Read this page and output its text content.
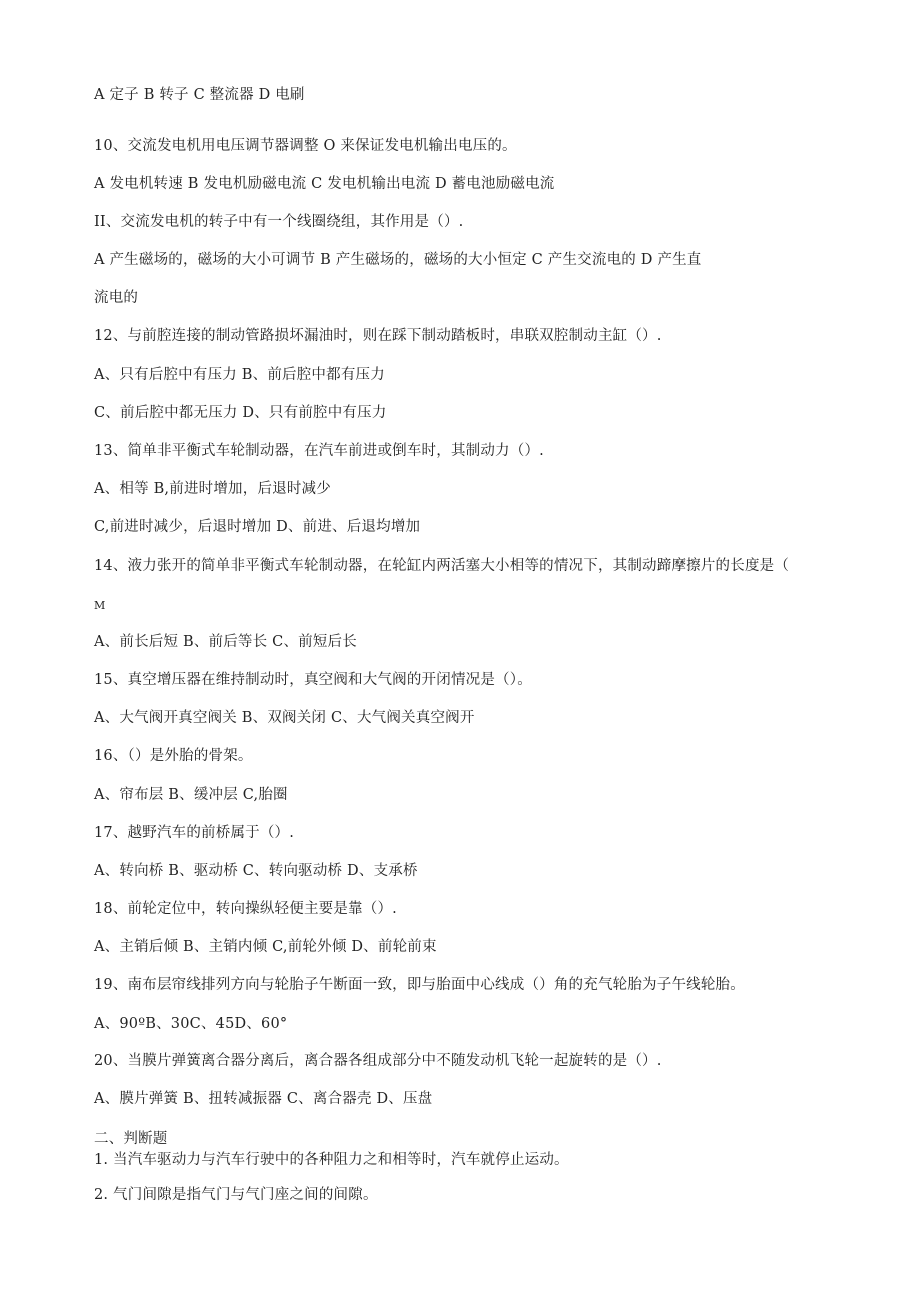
A 定子 B 转子 C 整流器 D 电刷
10、交流发电机用电压调节器调整 O 来保证发电机输出电压的。
A 发电机转速 B 发电机励磁电流 C 发电机输出电流 D 蓄电池励磁电流
II、交流发电机的转子中有一个线圈绕组，其作用是（）.
A 产生磁场的，磁场的大小可调节 B 产生磁场的，磁场的大小恒定 C 产生交流电的 D 产生直
流电的
12、与前腔连接的制动管路损坏漏油时，则在踩下制动踏板时，串联双腔制动主缸（）.
A、只有后腔中有压力 B、前后腔中都有压力
C、前后腔中都无压力 D、只有前腔中有压力
13、简单非平衡式车轮制动器，在汽车前进或倒车时，其制动力（）.
A、相等 B,前进时增加，后退时减少
C,前进时减少，后退时增加 D、前进、后退均增加
14、液力张开的简单非平衡式车轮制动器，在轮缸内两活塞大小相等的情况下，其制动蹄摩擦片的长度是（
M
A、前长后短 B、前后等长 C、前短后长
15、真空增压器在维持制动时，真空阀和大气阀的开闭情况是（）。
A、大气阀开真空阀关 B、双阀关闭 C、大气阀关真空阀开
16、（）是外胎的骨架。
A、帘布层 B、缓冲层 C,胎圈
17、越野汽车的前桥属于（）.
A、转向桥 B、驱动桥 C、转向驱动桥 D、支承桥
18、前轮定位中，转向操纵轻便主要是靠（）.
A、主销后倾 B、主销内倾 C,前轮外倾 D、前轮前束
19、南布层帘线排列方向与轮胎子午断面一致，即与胎面中心线成（）角的充气轮胎为子午线轮胎。
A、90ºB、30C、45D、60°
20、当膜片弹簧离合器分离后，离合器各组成部分中不随发动机飞轮一起旋转的是（）.
A、膜片弹簧 B、扭转减振器 C、离合器壳 D、压盘
二、判断题
1. 当汽车驱动力与汽车行驶中的各种阻力之和相等时，汽车就停止运动。
2. 气门间隙是指气门与气门座之间的间隙。
